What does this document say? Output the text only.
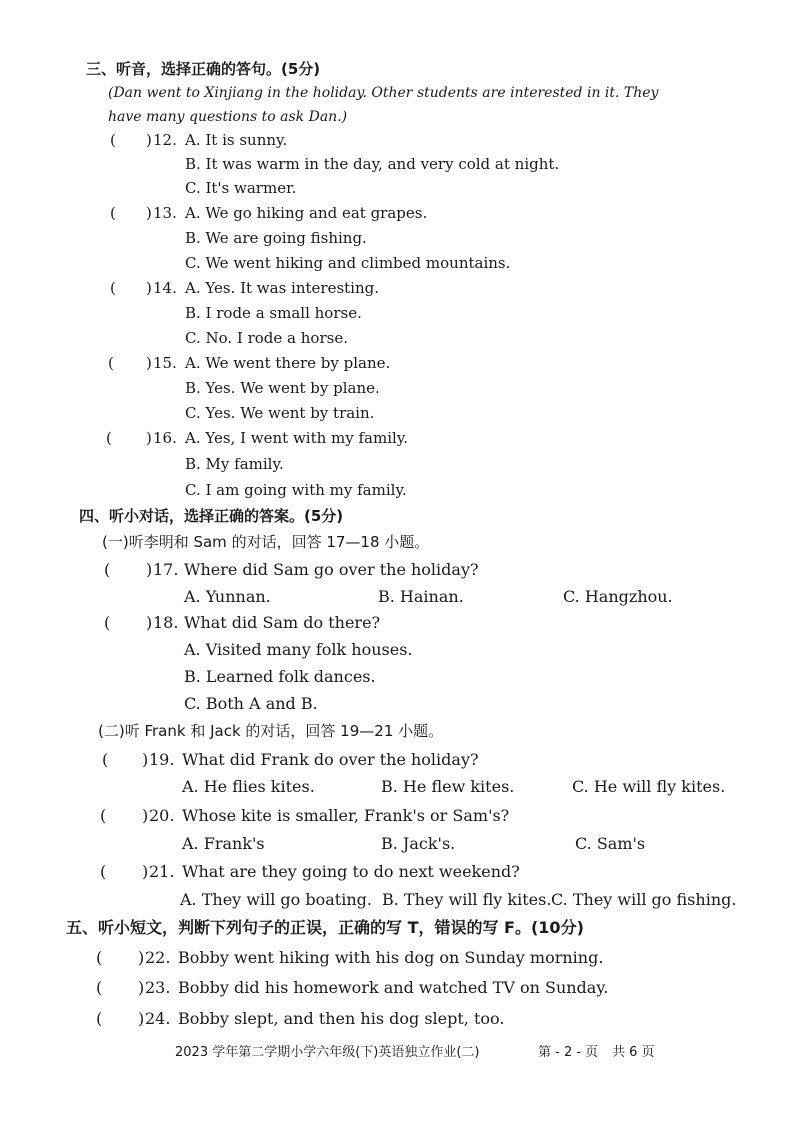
三、听音，选择正确的答句。(5分)
(Dan went to Xinjiang in the holiday. Other students are interested in it. They
have many questions to ask Dan.)
( ) 12. A. It is sunny.
B. It was warm in the day, and very cold at night.
C. It's warmer.
( ) 13. A. We go hiking and eat grapes.
B. We are going fishing.
C. We went hiking and climbed mountains.
( ) 14. A. Yes. It was interesting.
B. I rode a small horse.
C. No. I rode a horse.
( ) 15. A. We went there by plane.
B. Yes. We went by plane.
C. Yes. We went by train.
( ) 16. A. Yes, I went with my family.
B. My family.
C. I am going with my family.
四、听小对话，选择正确的答案。(5分)
(一)听李明和 Sam 的对话，回答 17—18 小题。
( ) 17. Where did Sam go over the holiday?
A. Yunnan.	B. Hainan.	C. Hangzhou.
( ) 18. What did Sam do there?
A. Visited many folk houses.
B. Learned folk dances.
C. Both A and B.
(二)听 Frank 和 Jack 的对话，回答 19—21 小题。
( ) 19. What did Frank do over the holiday?
A. He flies kites.	B. He flew kites.	C. He will fly kites.
( ) 20. Whose kite is smaller, Frank's or Sam's?
A. Frank's	B. Jack's.	C. Sam's
( ) 21. What are they going to do next weekend?
A. They will go boating. B. They will fly kites. C. They will go fishing.
五、听小短文，判断下列句子的正误，正确的写 T，错误的写 F。(10分)
( ) 22. Bobby went hiking with his dog on Sunday morning.
( ) 23. Bobby did his homework and watched TV on Sunday.
( ) 24. Bobby slept, and then his dog slept, too.
2023 学年第二学期小学六年级(下)英语独立作业(二)	第 - 2 - 页 共 6 页
